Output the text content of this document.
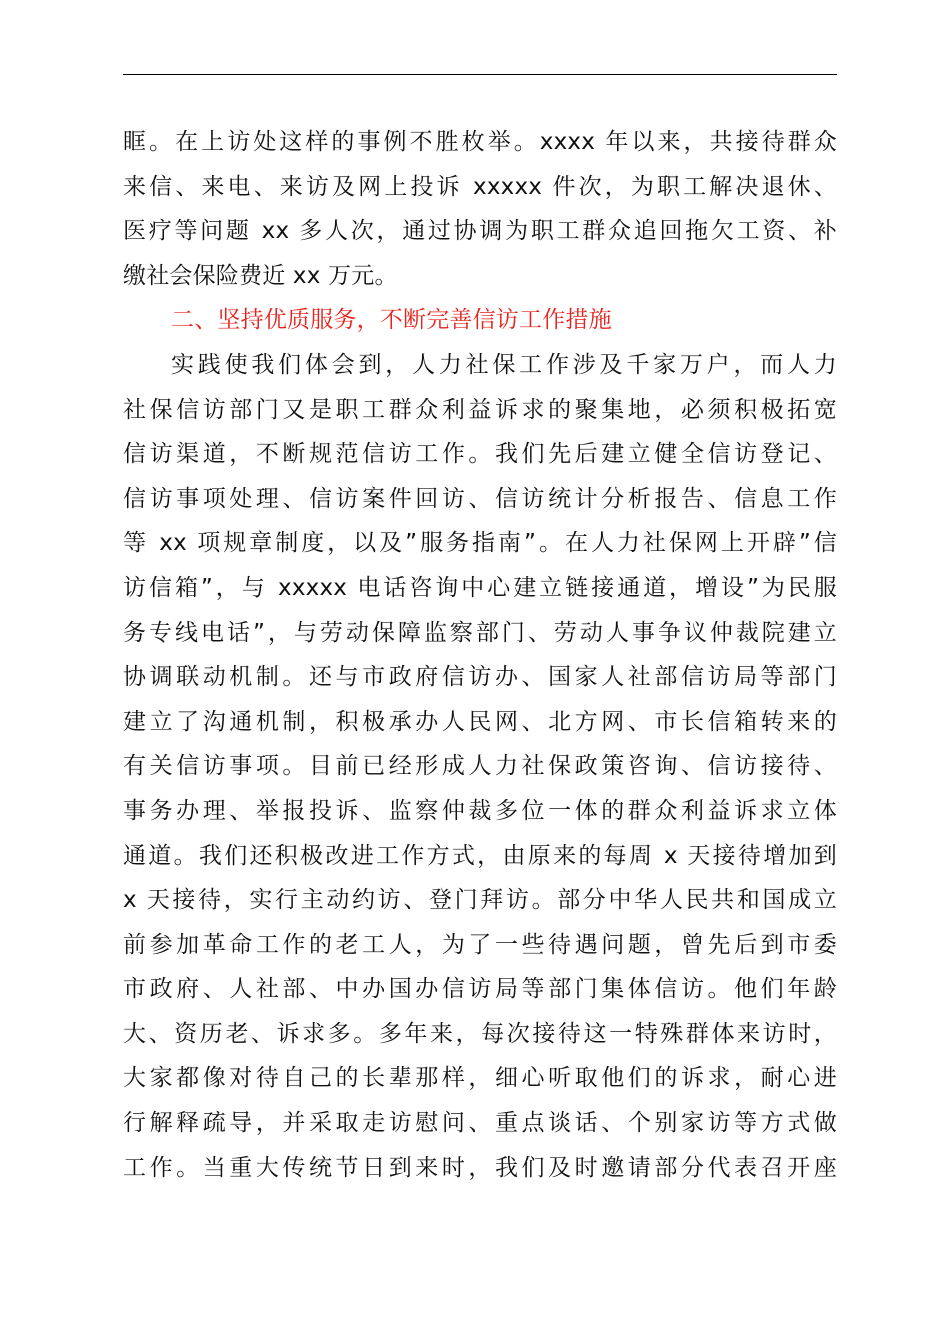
眶。在上访处这样的事例不胜枚举。xxxx 年以来，共接待群众
来信、来电、来访及网上投诉 xxxxx 件次，为职工解决退休、
医疗等问题 xx 多人次，通过协调为职工群众追回拖欠工资、补
缴社会保险费近 xx 万元。
二、坚持优质服务，不断完善信访工作措施
实践使我们体会到，人力社保工作涉及千家万户，而人力
社保信访部门又是职工群众利益诉求的聚集地，必须积极拓宽
信访渠道，不断规范信访工作。我们先后建立健全信访登记、
信访事项处理、信访案件回访、信访统计分析报告、信息工作
等 xx 项规章制度，以及”服务指南”。在人力社保网上开辟”信
访信箱”，与 xxxxx 电话咨询中心建立链接通道，增设”为民服
务专线电话”，与劳动保障监察部门、劳动人事争议仲裁院建立
协调联动机制。还与市政府信访办、国家人社部信访局等部门
建立了沟通机制，积极承办人民网、北方网、市长信箱转来的
有关信访事项。目前已经形成人力社保政策咨询、信访接待、
事务办理、举报投诉、监察仲裁多位一体的群众利益诉求立体
通道。我们还积极改进工作方式，由原来的每周 x 天接待增加到
x 天接待，实行主动约访、登门拜访。部分中华人民共和国成立
前参加革命工作的老工人，为了一些待遇问题，曾先后到市委
市政府、人社部、中办国办信访局等部门集体信访。他们年龄
大、资历老、诉求多。多年来，每次接待这一特殊群体来访时，
大家都像对待自己的长辈那样，细心听取他们的诉求，耐心进
行解释疏导，并采取走访慰问、重点谈话、个别家访等方式做
工作。当重大传统节日到来时，我们及时邀请部分代表召开座
